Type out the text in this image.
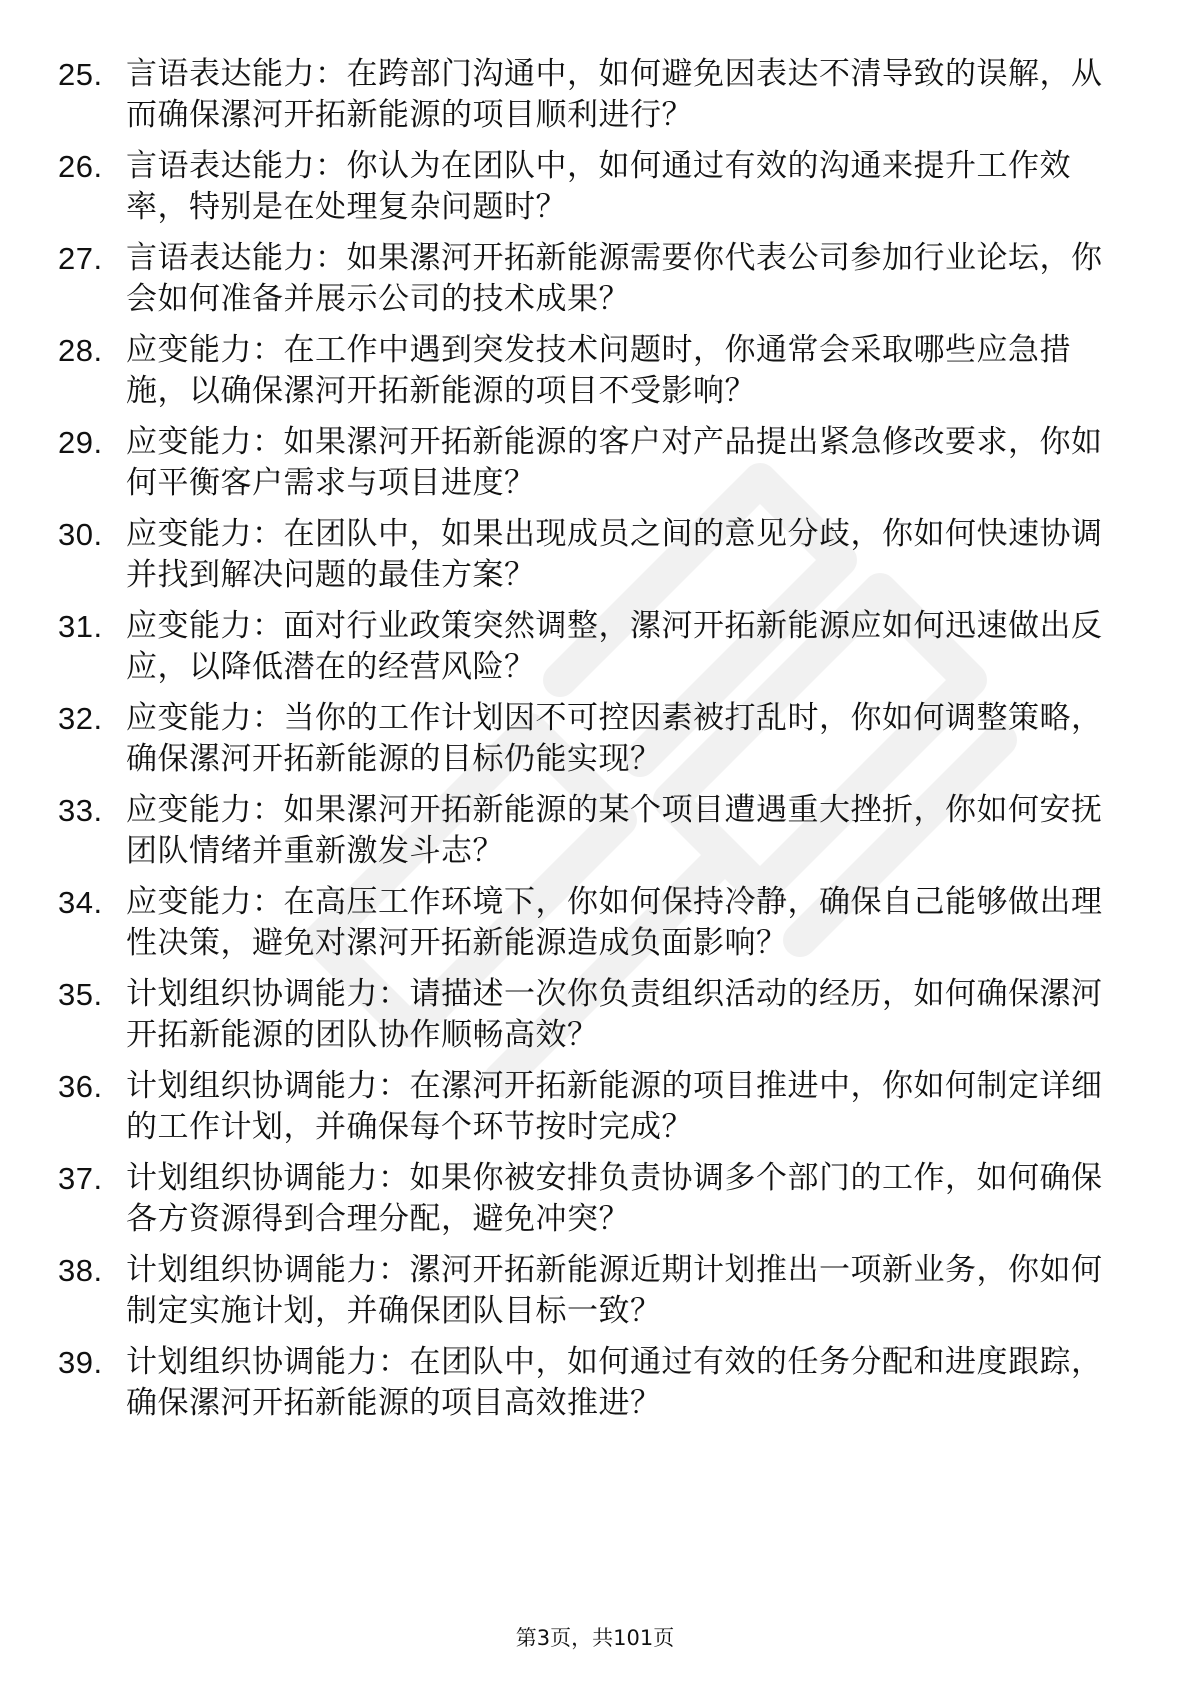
25. 言语表达能力：在跨部门沟通中，如何避免因表达不清导致的误解，从而确保漯河开拓新能源的项目顺利进行？
26. 言语表达能力：你认为在团队中，如何通过有效的沟通来提升工作效率，特别是在处理复杂问题时？
27. 言语表达能力：如果漯河开拓新能源需要你代表公司参加行业论坛，你会如何准备并展示公司的技术成果？
28. 应变能力：在工作中遇到突发技术问题时，你通常会采取哪些应急措施，以确保漯河开拓新能源的项目不受影响？
29. 应变能力：如果漯河开拓新能源的客户对产品提出紧急修改要求，你如何平衡客户需求与项目进度？
30. 应变能力：在团队中，如果出现成员之间的意见分歧，你如何快速协调并找到解决问题的最佳方案？
31. 应变能力：面对行业政策突然调整，漯河开拓新能源应如何迅速做出反应，以降低潜在的经营风险？
32. 应变能力：当你的工作计划因不可控因素被打乱时，你如何调整策略，确保漯河开拓新能源的目标仍能实现？
33. 应变能力：如果漯河开拓新能源的某个项目遭遇重大挫折，你如何安抚团队情绪并重新激发斗志？
34. 应变能力：在高压工作环境下，你如何保持冷静，确保自己能够做出理性决策，避免对漯河开拓新能源造成负面影响？
35. 计划组织协调能力：请描述一次你负责组织活动的经历，如何确保漯河开拓新能源的团队协作顺畅高效？
36. 计划组织协调能力：在漯河开拓新能源的项目推进中，你如何制定详细的工作计划，并确保每个环节按时完成？
37. 计划组织协调能力：如果你被安排负责协调多个部门的工作，如何确保各方资源得到合理分配，避免冲突？
38. 计划组织协调能力：漯河开拓新能源近期计划推出一项新业务，你如何制定实施计划，并确保团队目标一致？
39. 计划组织协调能力：在团队中，如何通过有效的任务分配和进度跟踪，确保漯河开拓新能源的项目高效推进？
第3页，共101页
